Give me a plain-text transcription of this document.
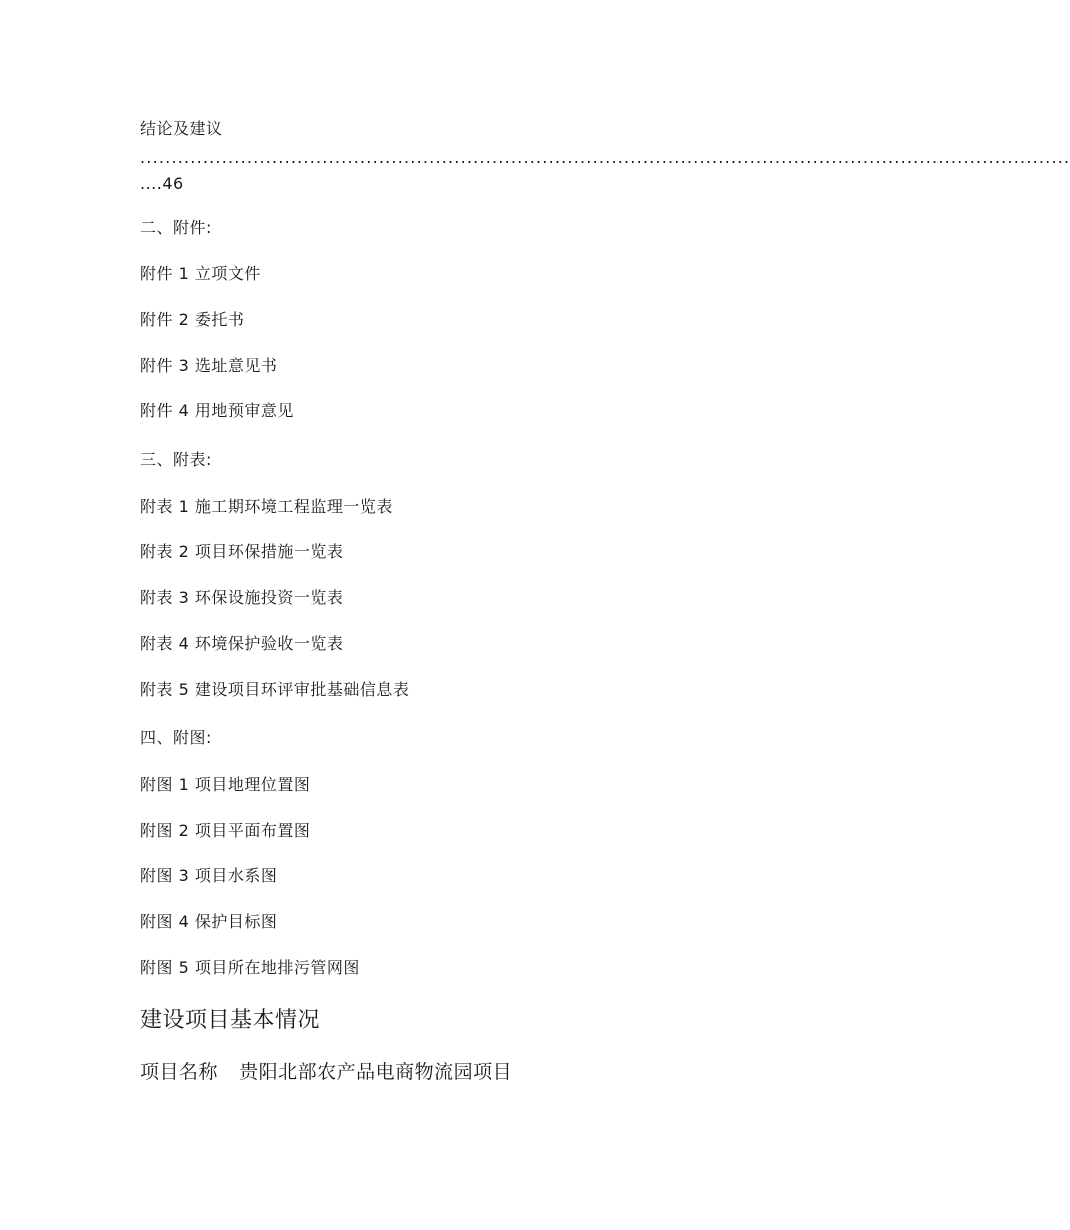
结论及建议
....................................................................................................................................................
....46
二、附件:
附件 1 立项文件
附件 2 委托书
附件 3 选址意见书
附件 4 用地预审意见
三、附表:
附表 1 施工期环境工程监理一览表
附表 2 项目环保措施一览表
附表 3 环保设施投资一览表
附表 4 环境保护验收一览表
附表 5 建设项目环评审批基础信息表
四、附图:
附图 1 项目地理位置图
附图 2 项目平面布置图
附图 3 项目水系图
附图 4 保护目标图
附图 5 项目所在地排污管网图
建设项目基本情况
项目名称 贵阳北部农产品电商物流园项目
